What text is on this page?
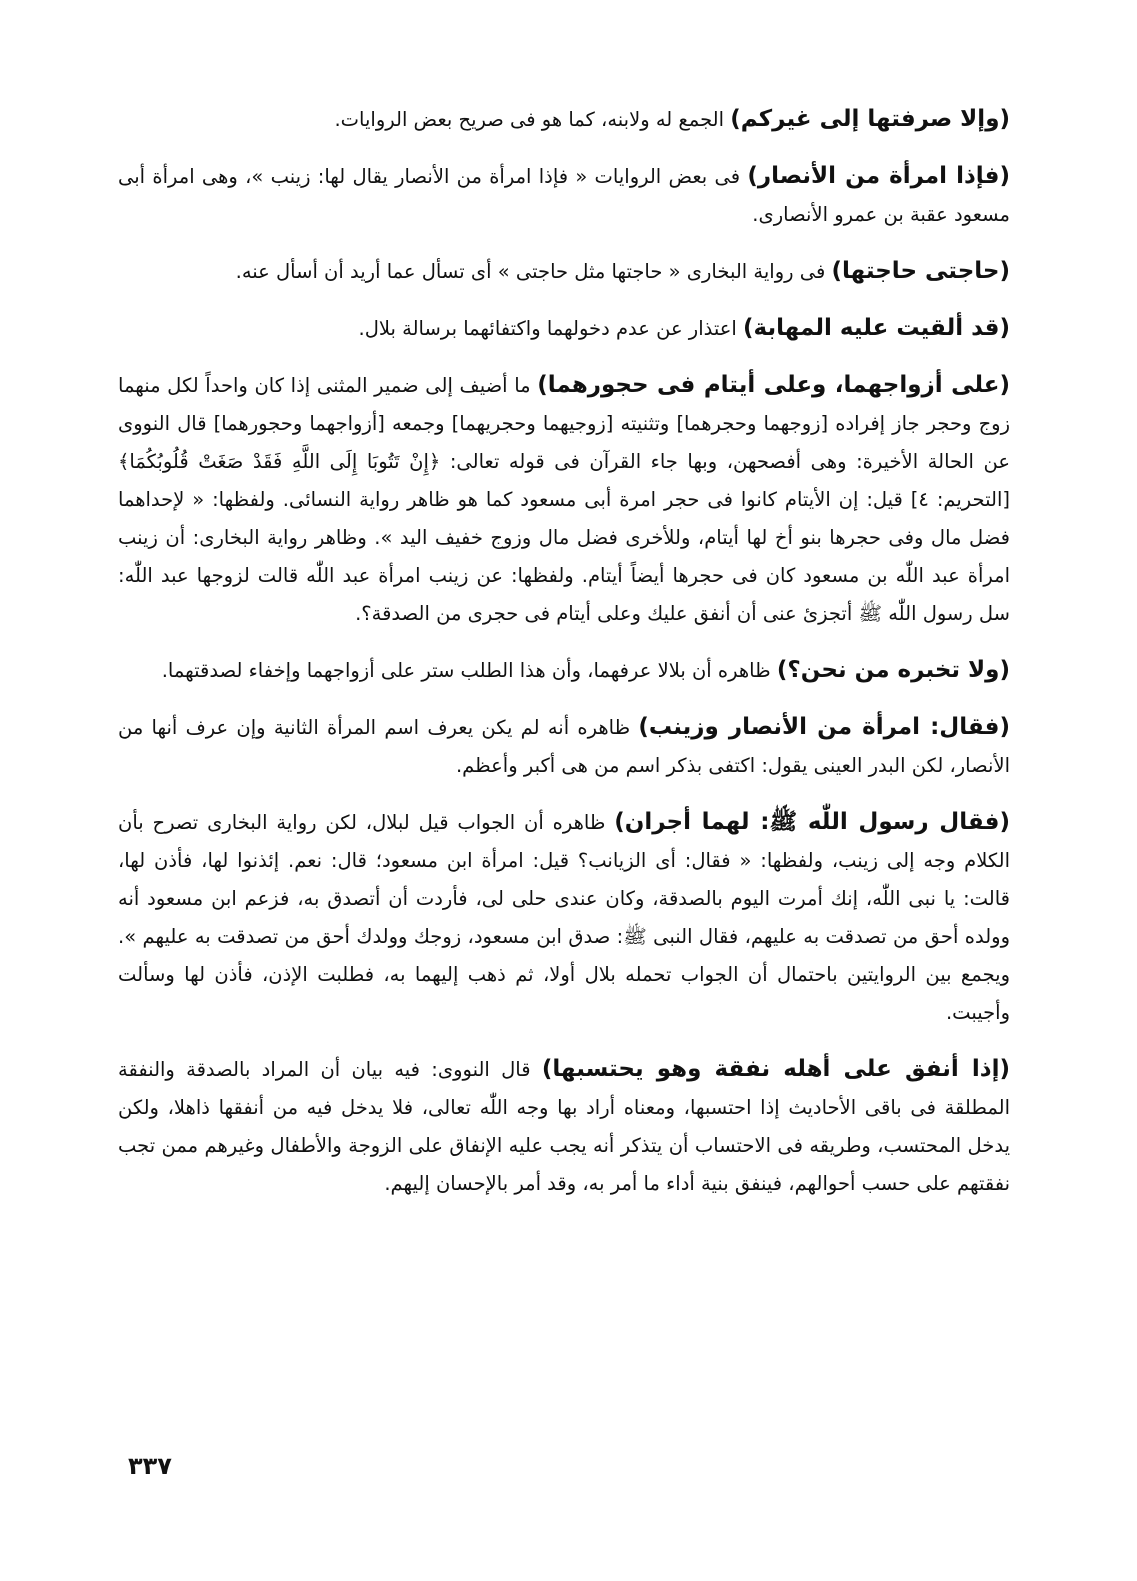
(وإلا صرفتها إلى غيركم) الجمع له ولابنه، كما هو فى صريح بعض الروايات.

(فإذا امرأة من الأنصار) فى بعض الروايات « فإذا امرأة من الأنصار يقال لها: زينب »، وهى امرأة أبى مسعود عقبة بن عمرو الأنصارى.

(حاجتى حاجتها) فى رواية البخارى « حاجتها مثل حاجتى » أى تسأل عما أريد أن أسأل عنه.

(قد ألقيت عليه المهابة) اعتذار عن عدم دخولهما واكتفائهما برسالة بلال.

(على أزواجهما، وعلى أيتام فى حجورهما) ما أضيف إلى ضمير المثنى إذا كان واحداً لكل منهما زوج وحجر جاز إفراده [زوجهما وحجرهما] وتثنيته [زوجيهما وحجريهما] وجمعه [أزواجهما وحجورهما] قال النووى عن الحالة الأخيرة: وهى أفصحهن، وبها جاء القرآن فى قوله تعالى: ﴿إِنْ تَتُوبَا إِلَى اللَّهِ فَقَدْ صَغَتْ قُلُوبُكُمَا﴾ [التحريم: ٤] قيل: إن الأيتام كانوا فى حجر امرة أبى مسعود كما هو ظاهر رواية النسائى. ولفظها: « لإحداهما فضل مال وفى حجرها بنو أخ لها أيتام، وللأخرى فضل مال وزوج خفيف اليد ». وظاهر رواية البخارى: أن زينب امرأة عبد اللّٰه بن مسعود كان فى حجرها أيضاً أيتام. ولفظها: عن زينب امرأة عبد اللّٰه قالت لزوجها عبد اللّٰه: سل رسول اللّٰه ﷺ أتجزئ عنى أن أنفق عليك وعلى أيتام فى حجرى من الصدقة؟.

(ولا تخبره من نحن؟) ظاهره أن بلالا عرفهما، وأن هذا الطلب ستر على أزواجهما وإخفاء لصدقتهما.

(فقال: امرأة من الأنصار وزينب) ظاهره أنه لم يكن يعرف اسم المرأة الثانية وإن عرف أنها من الأنصار، لكن البدر العينى يقول: اكتفى بذكر اسم من هى أكبر وأعظم.

(فقال رسول اللّٰه ﷺ: لهما أجران) ظاهره أن الجواب قيل لبلال، لكن رواية البخارى تصرح بأن الكلام وجه إلى زينب، ولفظها: « فقال: أى الزيانب؟ قيل: امرأة ابن مسعود؛ قال: نعم. إئذنوا لها، فأذن لها، قالت: يا نبى اللّٰه، إنك أمرت اليوم بالصدقة، وكان عندى حلى لى، فأردت أن أتصدق به، فزعم ابن مسعود أنه وولده أحق من تصدقت به عليهم، فقال النبى ﷺ: صدق ابن مسعود، زوجك وولدك أحق من تصدقت به عليهم ». ويجمع بين الروايتين باحتمال أن الجواب تحمله بلال أولا، ثم ذهب إليهما به، فطلبت الإذن، فأذن لها وسألت وأجيبت.

(إذا أنفق على أهله نفقة وهو يحتسبها) قال النووى: فيه بيان أن المراد بالصدقة والنفقة المطلقة فى باقى الأحاديث إذا احتسبها، ومعناه أراد بها وجه اللّٰه تعالى، فلا يدخل فيه من أنفقها ذاهلا، ولكن يدخل المحتسب، وطريقه فى الاحتساب أن يتذكر أنه يجب عليه الإنفاق على الزوجة والأطفال وغيرهم ممن تجب نفقتهم على حسب أحوالهم، فينفق بنية أداء ما أمر به، وقد أمر بالإحسان إليهم.

٣٣٧
